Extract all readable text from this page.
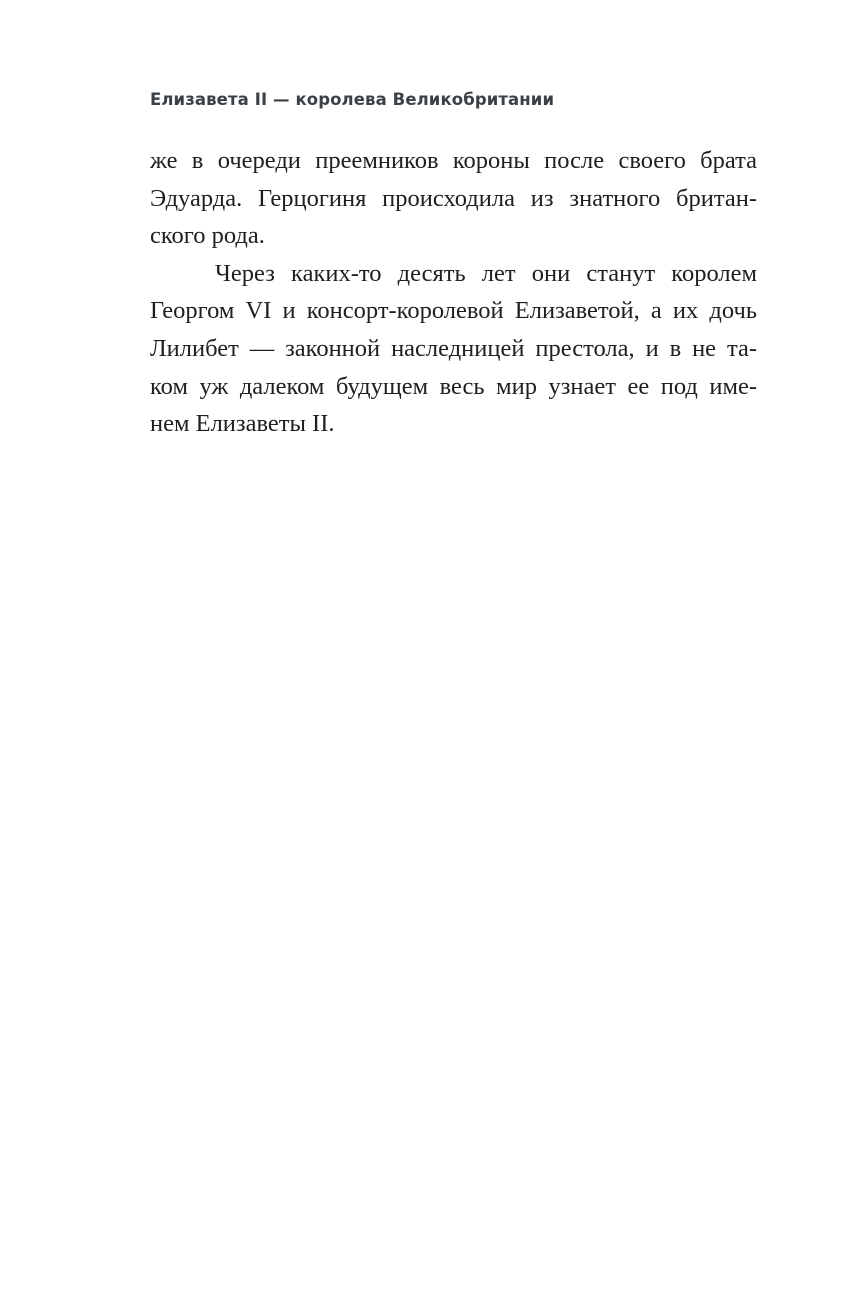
Елизавета II — королева Великобритании
же в очереди преемников короны после своего брата
Эдуарда. Герцогиня происходила из знатного британ-
ского рода.
Через каких-то десять лет они станут королем
Георгом VI и консорт-королевой Елизаветой, а их дочь
Лилибет — законной наследницей престола, и в не та-
ком уж далеком будущем весь мир узнает ее под име-
нем Елизаветы II.
